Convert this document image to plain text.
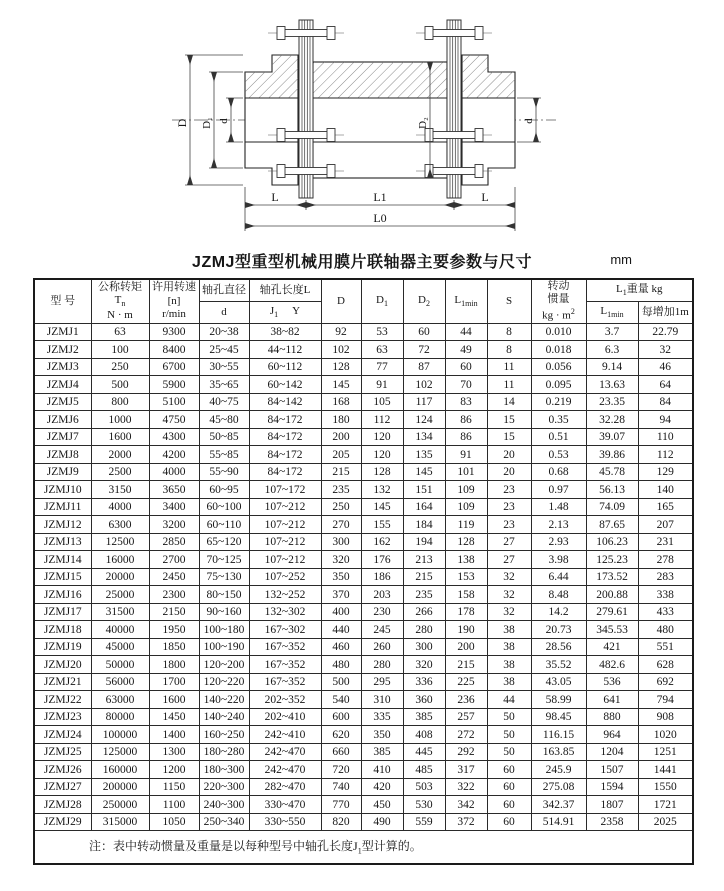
D D₁ d	D₂	d
L	L1	L
L0
JZMJ型重型机械用膜片联轴器主要参数与尺寸	mm
型 号	公称转矩
$T_n$
N · m	许用转速
[n]
r/min	轴孔直径	轴孔长度L	D	$D_1$	$D_2$	$L_{1min}$	S	转动
惯量
kg · $m^2$	$L_1$重量 kg	
			d	$J_1$ Y							$L_{1min}$	每增加1m
JZMJ1	63	9300	20~38	38~82	92	53	60	44	8	0.010	3.7	22.79
JZMJ2	100	8400	25~45	44~112	102	63	72	49	8	0.018	6.3	32
JZMJ3	250	6700	30~55	60~112	128	77	87	60	11	0.056	9.14	46
JZMJ4	500	5900	35~65	60~142	145	91	102	70	11	0.095	13.63	64
JZMJ5	800	5100	40~75	84~142	168	105	117	83	14	0.219	23.35	84
JZMJ6	1000	4750	45~80	84~172	180	112	124	86	15	0.35	32.28	94
JZMJ7	1600	4300	50~85	84~172	200	120	134	86	15	0.51	39.07	110
JZMJ8	2000	4200	55~85	84~172	205	120	135	91	20	0.53	39.86	112
JZMJ9	2500	4000	55~90	84~172	215	128	145	101	20	0.68	45.78	129
JZMJ10	3150	3650	60~95	107~172	235	132	151	109	23	0.97	56.13	140
JZMJ11	4000	3400	60~100	107~212	250	145	164	109	23	1.48	74.09	165
JZMJ12	6300	3200	60~110	107~212	270	155	184	119	23	2.13	87.65	207
JZMJ13	12500	2850	65~120	107~212	300	162	194	128	27	2.93	106.23	231
JZMJ14	16000	2700	70~125	107~212	320	176	213	138	27	3.98	125.23	278
JZMJ15	20000	2450	75~130	107~252	350	186	215	153	32	6.44	173.52	283
JZMJ16	25000	2300	80~150	132~252	370	203	235	158	32	8.48	200.88	338
JZMJ17	31500	2150	90~160	132~302	400	230	266	178	32	14.2	279.61	433
JZMJ18	40000	1950	100~180	167~302	440	245	280	190	38	20.73	345.53	480
JZMJ19	45000	1850	100~190	167~352	460	260	300	200	38	28.56	421	551
JZMJ20	50000	1800	120~200	167~352	480	280	320	215	38	35.52	482.6	628
JZMJ21	56000	1700	120~220	167~352	500	295	336	225	38	43.05	536	692
JZMJ22	63000	1600	140~220	202~352	540	310	360	236	44	58.99	641	794
JZMJ23	80000	1450	140~240	202~410	600	335	385	257	50	98.45	880	908
JZMJ24	100000	1400	160~250	242~410	620	350	408	272	50	116.15	964	1020
JZMJ25	125000	1300	180~280	242~470	660	385	445	292	50	163.85	1204	1251
JZMJ26	160000	1200	180~300	242~470	720	410	485	317	60	245.9	1507	1441
JZMJ27	200000	1150	220~300	282~470	740	420	503	322	60	275.08	1594	1550
JZMJ28	250000	1100	240~300	330~470	770	450	530	342	60	342.37	1807	1721
JZMJ29	315000	1050	250~340	330~550	820	490	559	372	60	514.91	2358	2025
注：表中转动惯量及重量是以每种型号中轴孔长度$J_1$型计算的。												
